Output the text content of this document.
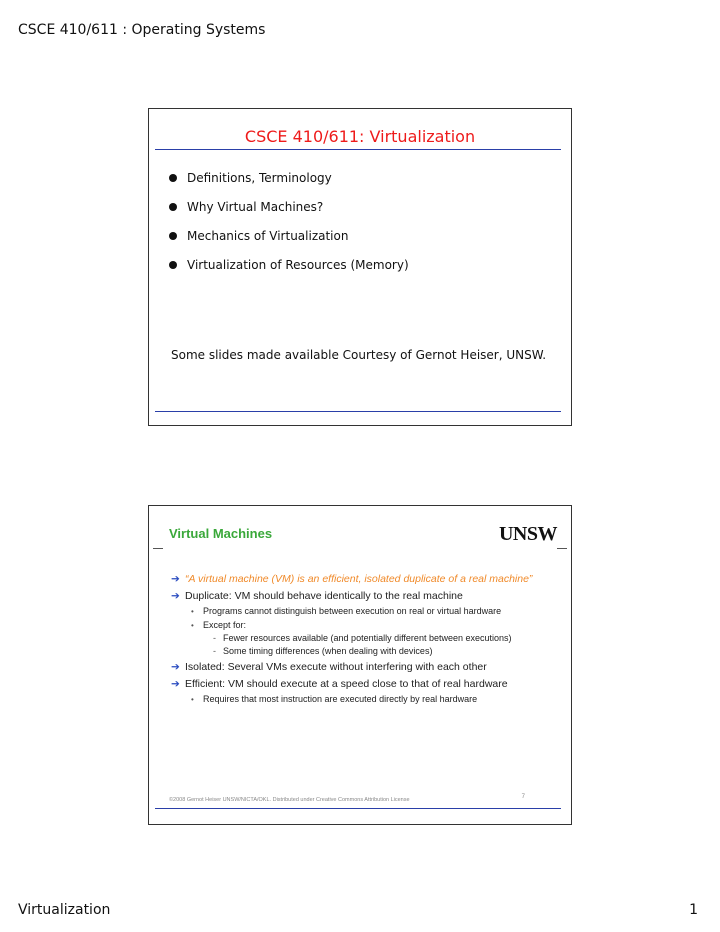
CSCE 410/611 : Operating Systems
CSCE 410/611: Virtualization
Definitions, Terminology
Why Virtual Machines?
Mechanics of Virtualization
Virtualization of Resources (Memory)
Some slides made available Courtesy of Gernot Heiser, UNSW.
Virtual Machines	UNSW
➔ “A virtual machine (VM) is an efficient, isolated duplicate of a real machine”
➔ Duplicate: VM should behave identically to the real machine
•	Programs cannot distinguish between execution on real or virtual hardware
•	Except for:
- Fewer resources available (and potentially different between executions)
- Some timing differences (when dealing with devices)
➔ Isolated: Several VMs execute without interfering with each other
➔ Efficient: VM should execute at a speed close to that of real hardware
•	Requires that most instruction are executed directly by real hardware
7
©2008 Gernot Heiser UNSW/NICTA/OKL. Distributed under Creative Commons Attribution License
Virtualization	1
